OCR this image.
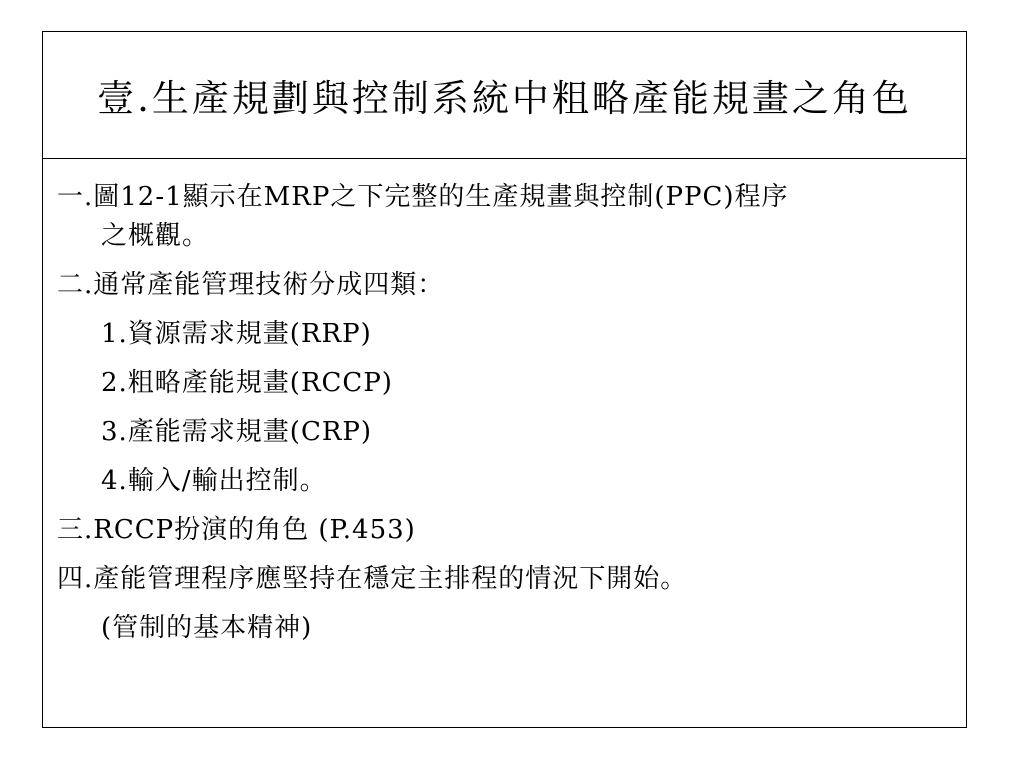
壹.生產規劃與控制系統中粗略產能規畫之角色
一.圖12-1顯示在MRP之下完整的生產規畫與控制(PPC)程序
之概觀。
二.通常產能管理技術分成四類：
1.資源需求規畫(RRP)
2.粗略產能規畫(RCCP)
3.產能需求規畫(CRP)
4.輸入/輸出控制。
三.RCCP扮演的角色 (P.453)
四.產能管理程序應堅持在穩定主排程的情況下開始。
(管制的基本精神)
